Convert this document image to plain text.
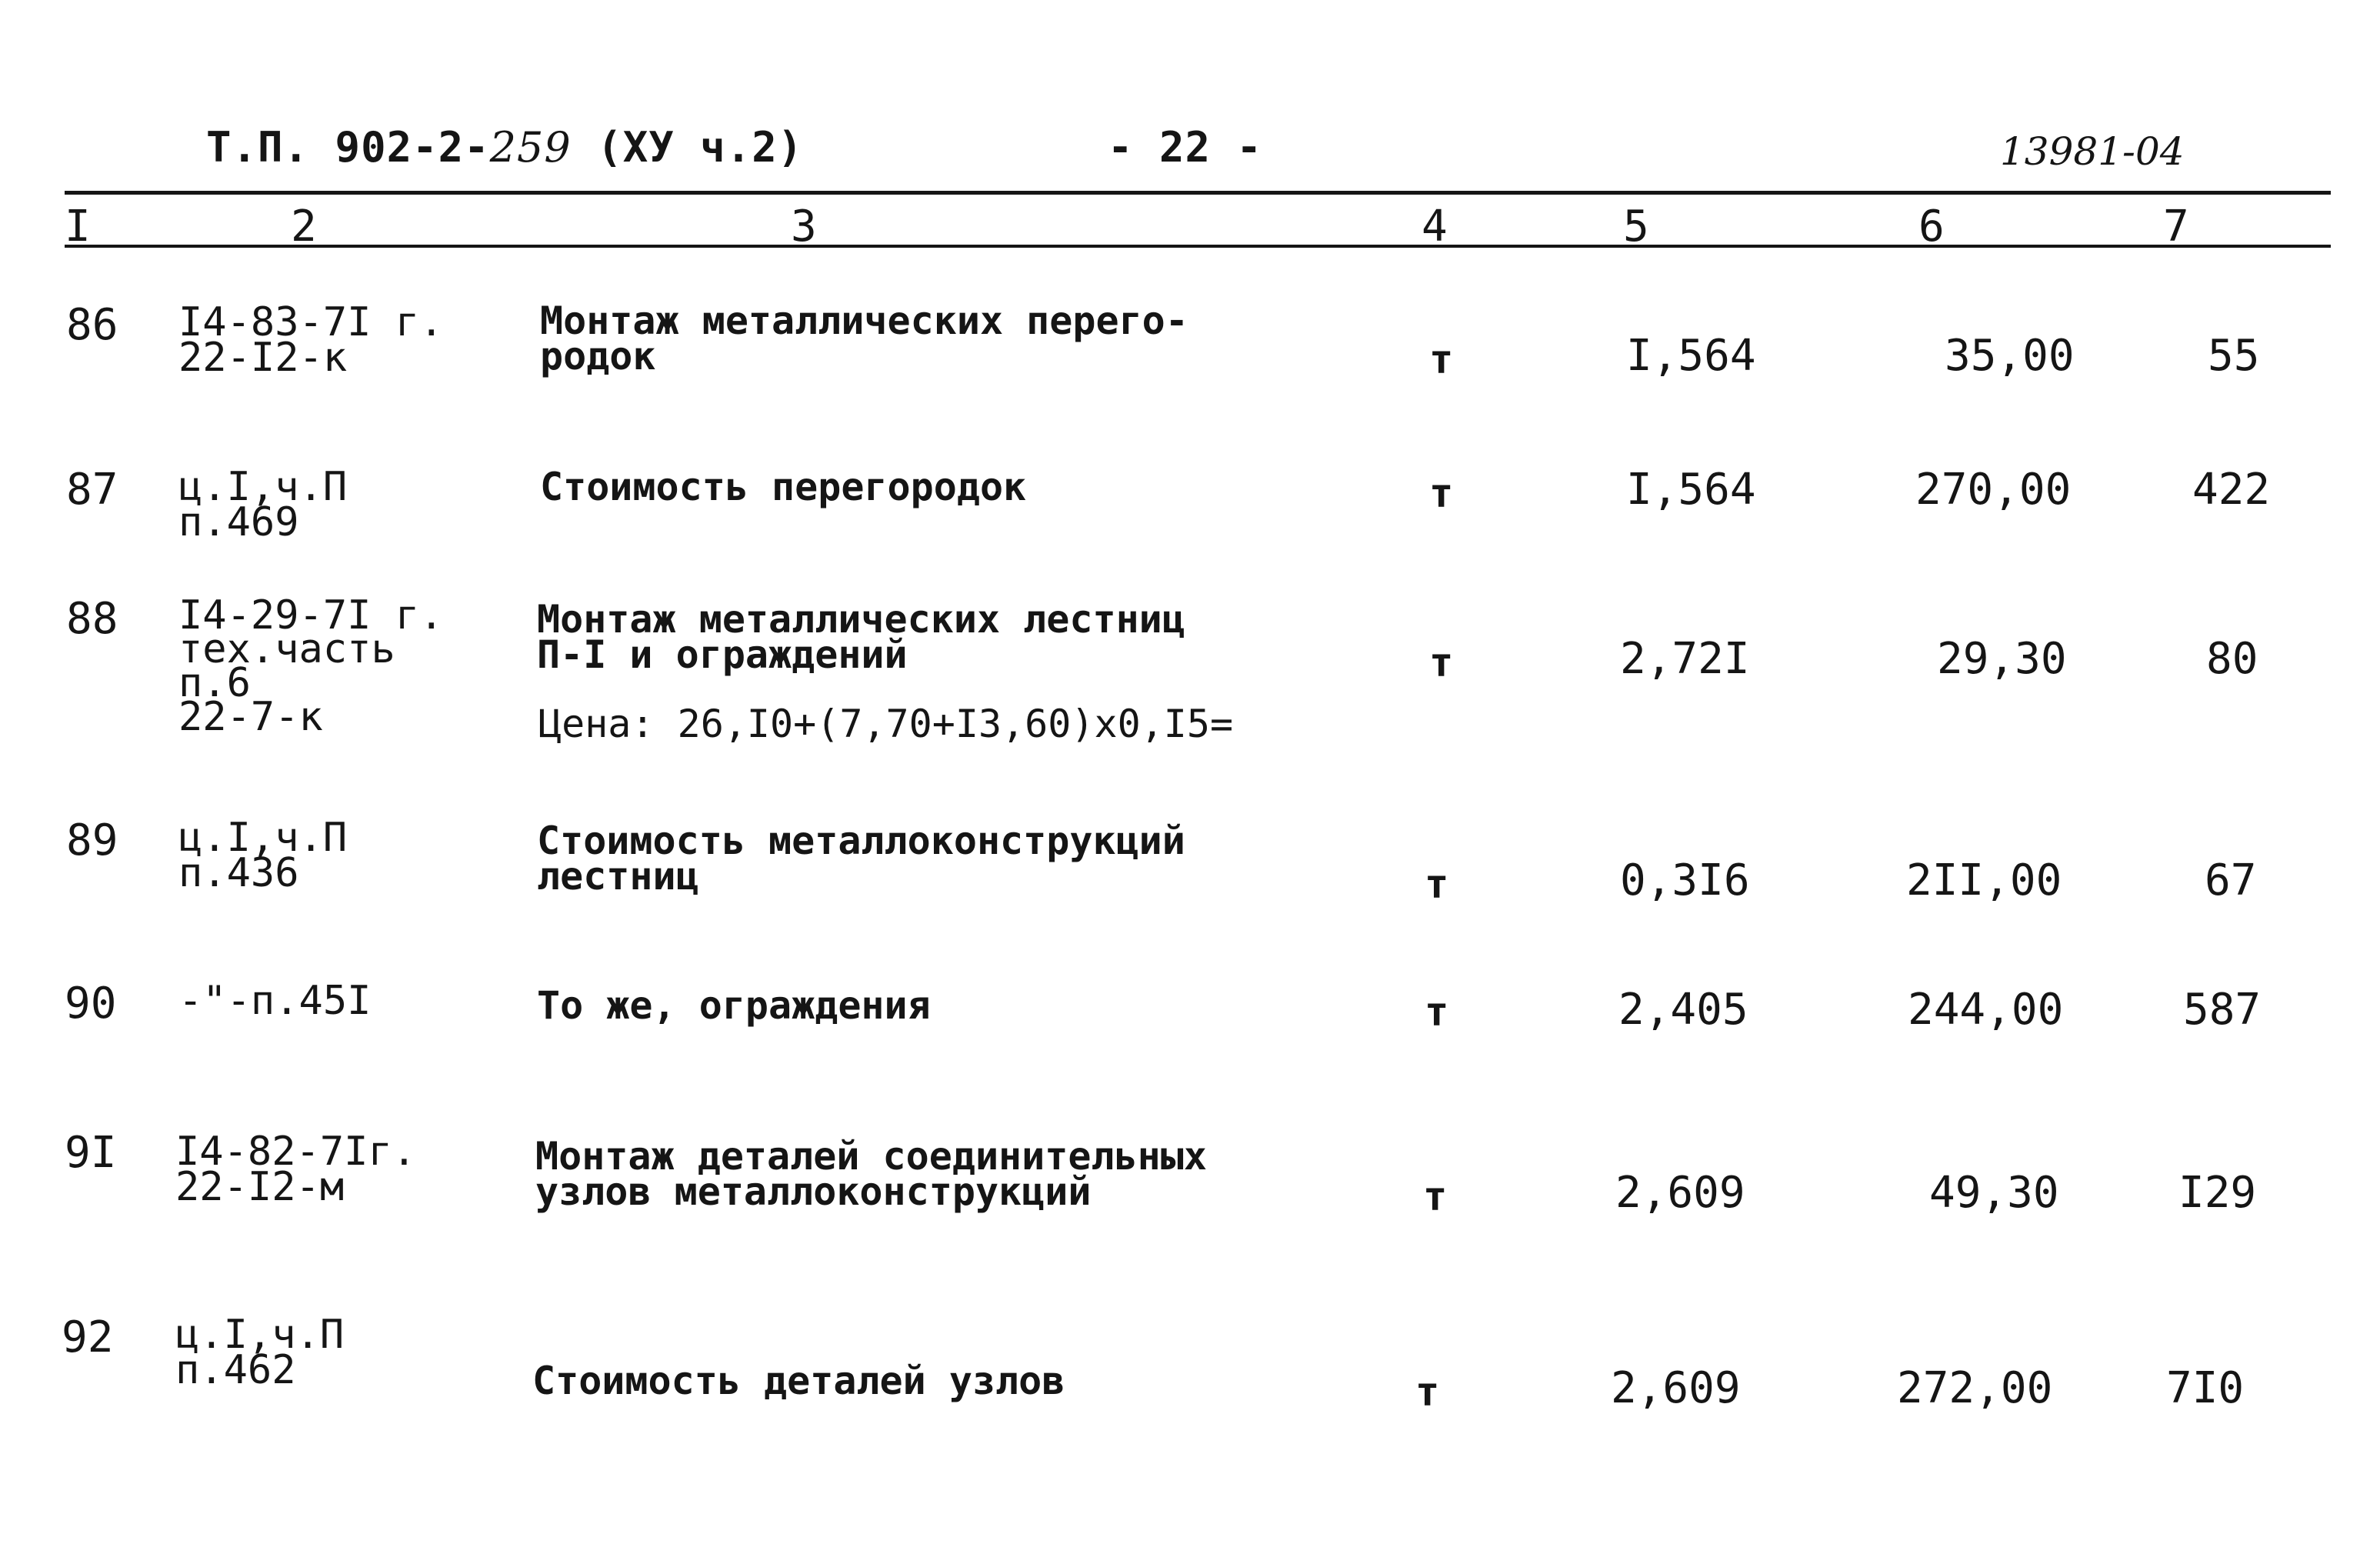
Т.П. 902-2-259 (ХУ ч.2)	- 22 -	13981-04
I	2	3	4	5	6	7
86 I4-83-7I г.
22-I2-к
Монтаж металлических перего-
родок	т	I,564	35,00	55
87 ц.I,ч.П
п.469
Стоимость перегородок	т	I,564	270,00	422
88 I4-29-7I г.
тех.часть
п.6
22-7-к
Монтаж металлических лестниц
П-I и ограждений
Цена: 26,I0+(7,70+I3,60)х0,I5=
т	2,72I	29,30	80
89 ц.I,ч.П
п.436
Стоимость металлоконструкций
лестниц	т	0,3I6	2II,00	67
90 -"-п.45I	То же, ограждения	т	2,405	244,00	587
9I I4-82-7Iг.
22-I2-м
Монтаж деталей соединительных
узлов металлоконструкций	т	2,609	49,30	I29
92 ц.I,ч.П
п.462	Стоимость деталей узлов	т	2,609	272,00	7I0
